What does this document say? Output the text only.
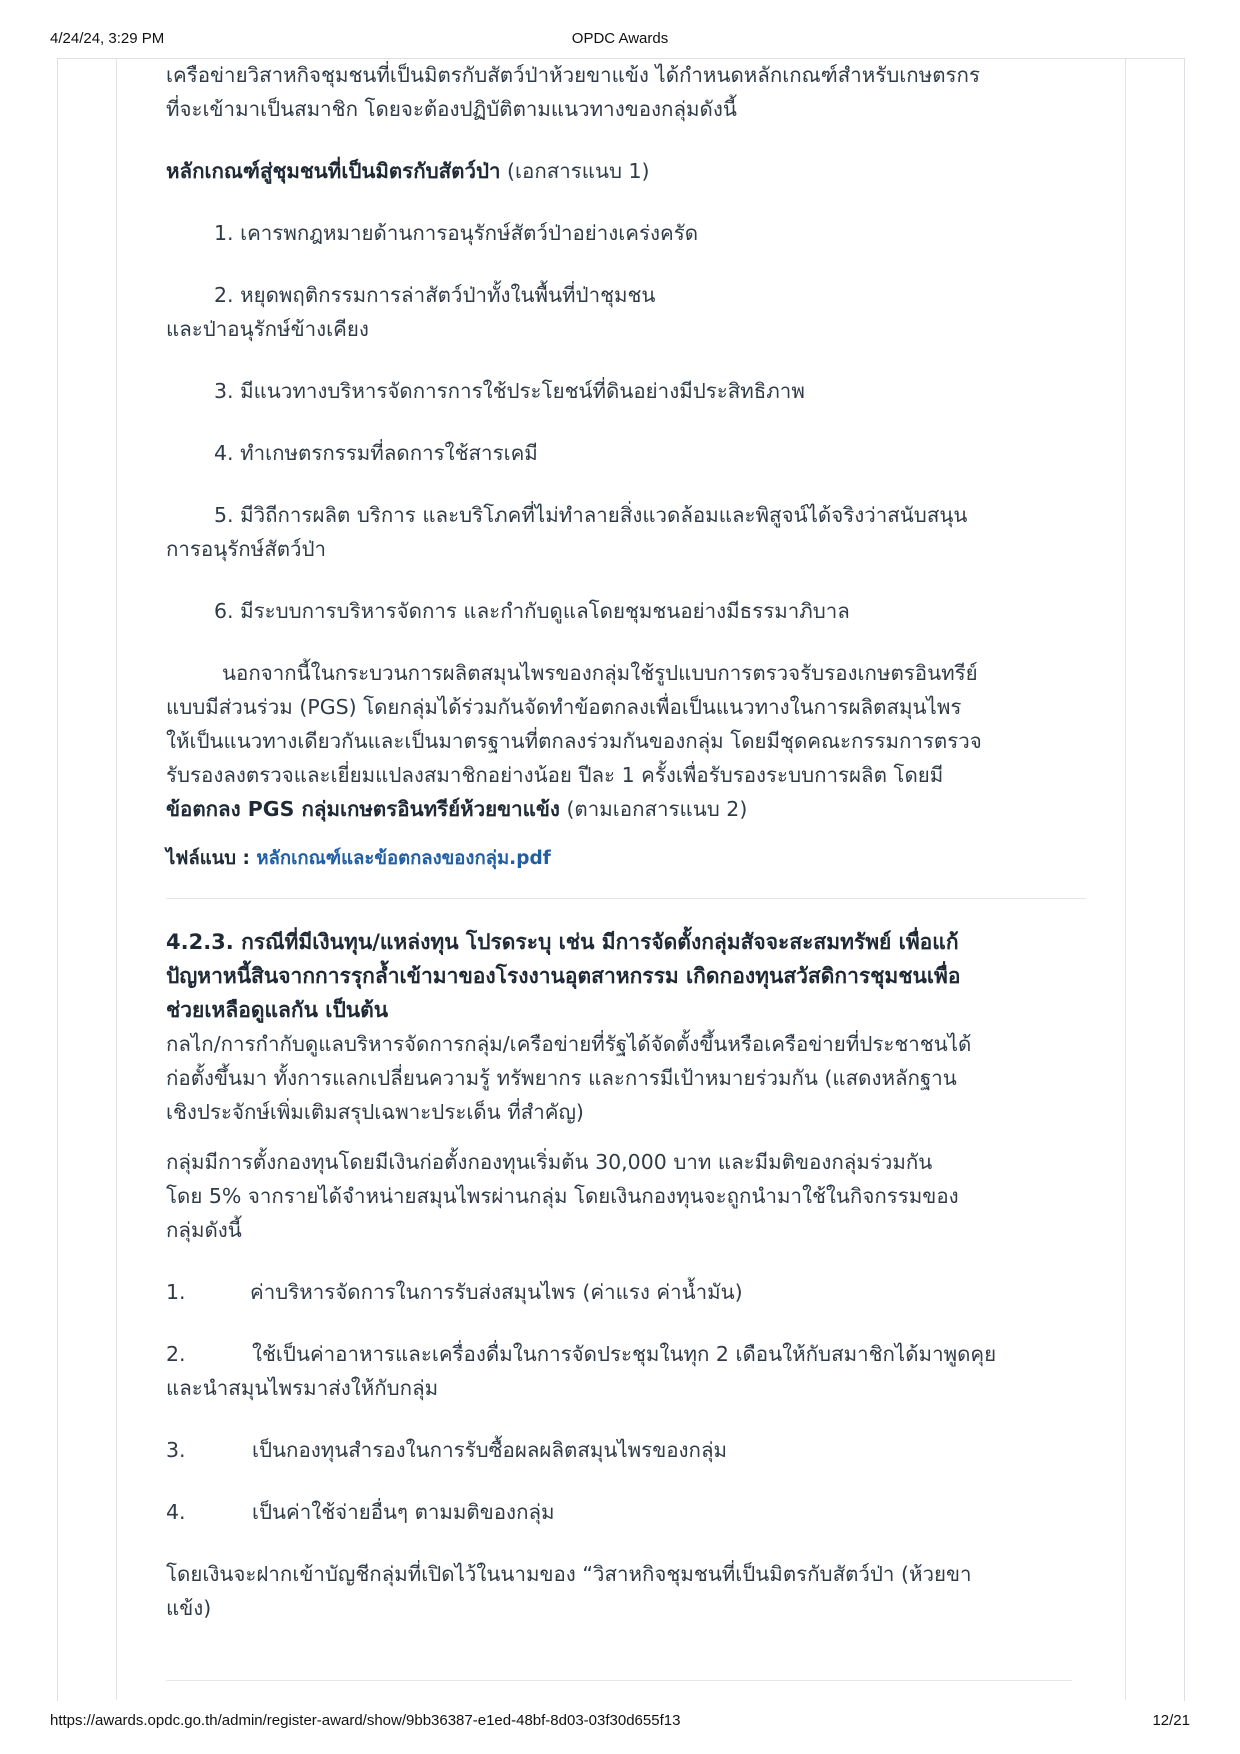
4/24/24, 3:29 PM	OPDC Awards

เครือข่ายวิสาหกิจชุมชนที่เป็นมิตรกับสัตว์ป่าห้วยขาแข้ง ได้กำหนดหลักเกณฑ์สำหรับเกษตรกร
ที่จะเข้ามาเป็นสมาชิก โดยจะต้องปฏิบัติตามแนวทางของกลุ่มดังนี้

หลักเกณฑ์สู่ชุมชนที่เป็นมิตรกับสัตว์ป่า (เอกสารแนบ 1)

1. เคารพกฎหมายด้านการอนุรักษ์สัตว์ป่าอย่างเคร่งครัด

2. หยุดพฤติกรรมการล่าสัตว์ป่าทั้งในพื้นที่ป่าชุมชน

และป่าอนุรักษ์ข้างเคียง

3. มีแนวทางบริหารจัดการการใช้ประโยชน์ที่ดินอย่างมีประสิทธิภาพ

4. ทำเกษตรกรรมที่ลดการใช้สารเคมี

5. มีวิถีการผลิต บริการ และบริโภคที่ไม่ทำลายสิ่งแวดล้อมและพิสูจน์ได้จริงว่าสนับสนุน

การอนุรักษ์สัตว์ป่า

6. มีระบบการบริหารจัดการ และกำกับดูแลโดยชุมชนอย่างมีธรรมาภิบาล

นอกจากนี้ในกระบวนการผลิตสมุนไพรของกลุ่มใช้รูปแบบการตรวจรับรองเกษตรอินทรีย์

แบบมีส่วนร่วม (PGS) โดยกลุ่มได้ร่วมกันจัดทำข้อตกลงเพื่อเป็นแนวทางในการผลิตสมุนไพร

ให้เป็นแนวทางเดียวกันและเป็นมาตรฐานที่ตกลงร่วมกันของกลุ่ม โดยมีชุดคณะกรรมการตรวจ

รับรองลงตรวจและเยี่ยมแปลงสมาชิกอย่างน้อย ปีละ 1 ครั้งเพื่อรับรองระบบการผลิต โดยมี

ข้อตกลง PGS กลุ่มเกษตรอินทรีย์ห้วยขาแข้ง (ตามเอกสารแนบ 2)

ไฟล์แนบ : หลักเกณฑ์และข้อตกลงของกลุ่ม.pdf

4.2.3. กรณีที่มีเงินทุน/แหล่งทุน โปรดระบุ เช่น มีการจัดตั้งกลุ่มสัจจะสะสมทรัพย์ เพื่อแก้
ปัญหาหนี้สินจากการรุกล้ำเข้ามาของโรงงานอุตสาหกรรม เกิดกองทุนสวัสดิการชุมชนเพื่อ
ช่วยเหลือดูแลกัน เป็นต้น

กลไก/การกำกับดูแลบริหารจัดการกลุ่ม/เครือข่ายที่รัฐได้จัดตั้งขึ้นหรือเครือข่ายที่ประชาชนได้
ก่อตั้งขึ้นมา ทั้งการแลกเปลี่ยนความรู้ ทรัพยากร และการมีเป้าหมายร่วมกัน (แสดงหลักฐาน
เชิงประจักษ์เพิ่มเติมสรุปเฉพาะประเด็น ที่สำคัญ)

กลุ่มมีการตั้งกองทุนโดยมีเงินก่อตั้งกองทุนเริ่มต้น 30,000 บาท และมีมติของกลุ่มร่วมกัน
โดย 5% จากรายได้จำหน่ายสมุนไพรผ่านกลุ่ม โดยเงินกองทุนจะถูกนำมาใช้ในกิจกรรมของ
กลุ่มดังนี้

1.	ค่าบริหารจัดการในการรับส่งสมุนไพร (ค่าแรง ค่าน้ำมัน)
2.	ใช้เป็นค่าอาหารและเครื่องดื่มในการจัดประชุมในทุก 2 เดือนให้กับสมาชิกได้มาพูดคุย
และนำสมุนไพรมาส่งให้กับกลุ่ม
3.	เป็นกองทุนสำรองในการรับซื้อผลผลิตสมุนไพรของกลุ่ม
4.	เป็นค่าใช้จ่ายอื่นๆ ตามมติของกลุ่ม

โดยเงินจะฝากเข้าบัญชีกลุ่มที่เปิดไว้ในนามของ “วิสาหกิจชุมชนที่เป็นมิตรกับสัตว์ป่า (ห้วยขา
แข้ง)

https://awards.opdc.go.th/admin/register-award/show/9bb36387-e1ed-48bf-8d03-03f30d655f13	12/21
